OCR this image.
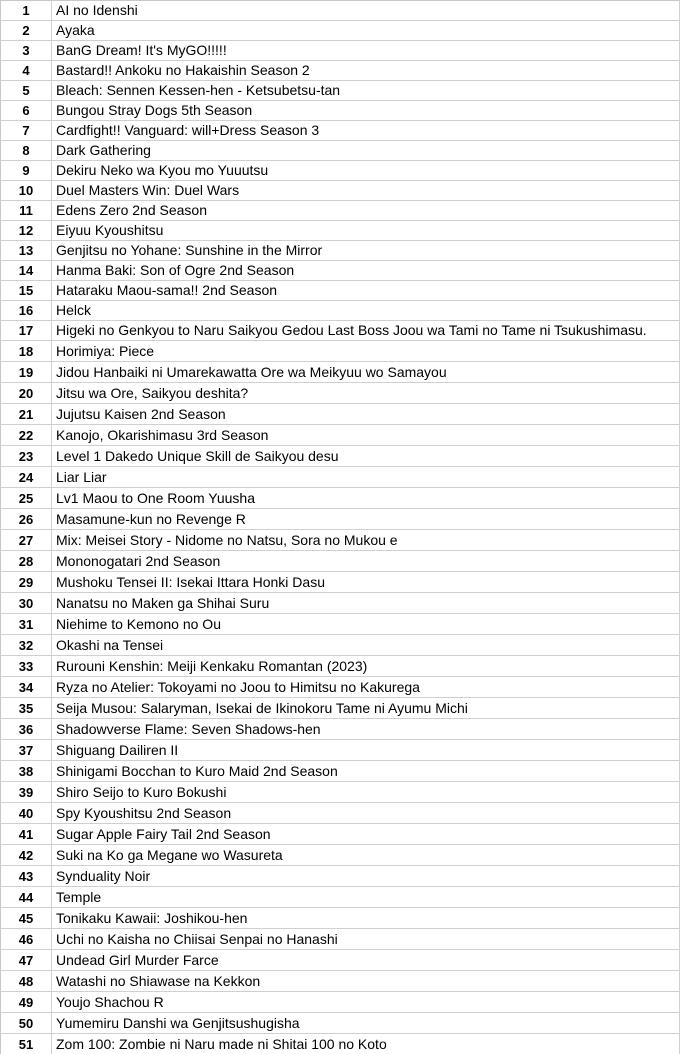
1	AI no Idenshi
2	Ayaka
3	BanG Dream! It's MyGO!!!!!
4	Bastard!! Ankoku no Hakaishin Season 2
5	Bleach: Sennen Kessen-hen - Ketsubetsu-tan
6	Bungou Stray Dogs 5th Season
7	Cardfight!! Vanguard: will+Dress Season 3
8	Dark Gathering
9	Dekiru Neko wa Kyou mo Yuuutsu
10	Duel Masters Win: Duel Wars
11	Edens Zero 2nd Season
12	Eiyuu Kyoushitsu
13	Genjitsu no Yohane: Sunshine in the Mirror
14	Hanma Baki: Son of Ogre 2nd Season
15	Hataraku Maou-sama!! 2nd Season
16	Helck
17	Higeki no Genkyou to Naru Saikyou Gedou Last Boss Joou wa Tami no Tame ni Tsukushimasu.
18	Horimiya: Piece
19	Jidou Hanbaiki ni Umarekawatta Ore wa Meikyuu wo Samayou
20	Jitsu wa Ore, Saikyou deshita?
21	Jujutsu Kaisen 2nd Season
22	Kanojo, Okarishimasu 3rd Season
23	Level 1 Dakedo Unique Skill de Saikyou desu
24	Liar Liar
25	Lv1 Maou to One Room Yuusha
26	Masamune-kun no Revenge R
27	Mix: Meisei Story - Nidome no Natsu, Sora no Mukou e
28	Mononogatari 2nd Season
29	Mushoku Tensei II: Isekai Ittara Honki Dasu
30	Nanatsu no Maken ga Shihai Suru
31	Niehime to Kemono no Ou
32	Okashi na Tensei
33	Rurouni Kenshin: Meiji Kenkaku Romantan (2023)
34	Ryza no Atelier: Tokoyami no Joou to Himitsu no Kakurega
35	Seija Musou: Salaryman, Isekai de Ikinokoru Tame ni Ayumu Michi
36	Shadowverse Flame: Seven Shadows-hen
37	Shiguang Dailiren II
38	Shinigami Bocchan to Kuro Maid 2nd Season
39	Shiro Seijo to Kuro Bokushi
40	Spy Kyoushitsu 2nd Season
41	Sugar Apple Fairy Tail 2nd Season
42	Suki na Ko ga Megane wo Wasureta
43	Synduality Noir
44	Temple
45	Tonikaku Kawaii: Joshikou-hen
46	Uchi no Kaisha no Chiisai Senpai no Hanashi
47	Undead Girl Murder Farce
48	Watashi no Shiawase na Kekkon
49	Youjo Shachou R
50	Yumemiru Danshi wa Genjitsushugisha
51	Zom 100: Zombie ni Naru made ni Shitai 100 no Koto
